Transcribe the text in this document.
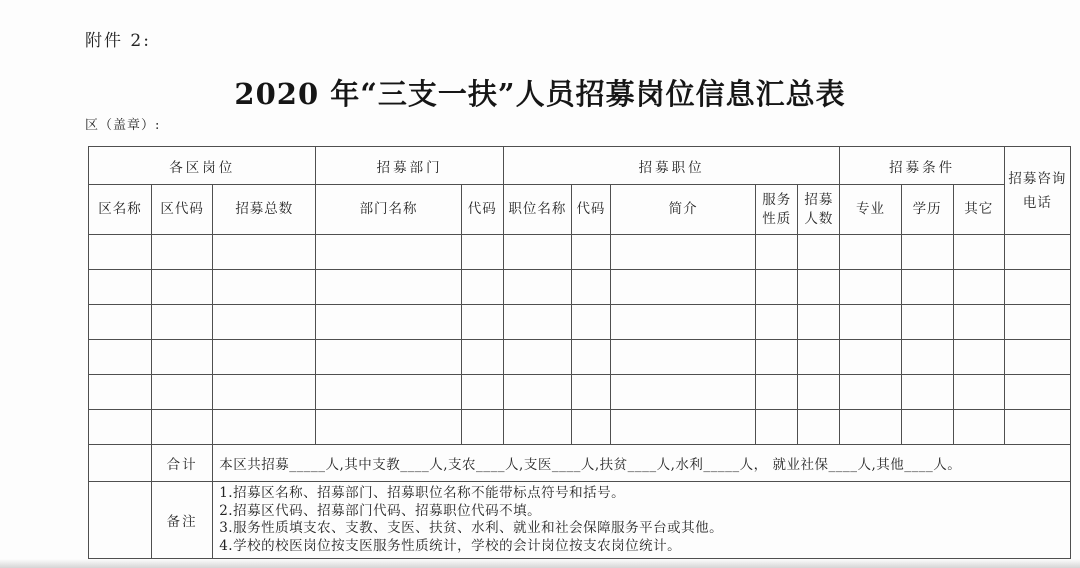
附件 2:
2020 年“三支一扶”人员招募岗位信息汇总表
区（盖章）:
各区岗位			招募部门		招募职位					招募条件			招募咨询
电话

区名称	区代码	招募总数	部门名称	代码	职位名称	代码	简介	服务性质	招募人数	专业	学历	其它	

	合计	本区共招募_____人,其中支教____人,支农____人,支医____人,扶贫____人,水利_____人， 就业社保____人,其他____人。											
	备注	1.招募区名称、招募部门、招募职位名称不能带标点符号和括号。
2.招募区代码、招募部门代码、招募职位代码不填。
3.服务性质填支农、支教、支医、扶贫、水利、就业和社会保障服务平台或其他。
4.学校的校医岗位按支医服务性质统计，学校的会计岗位按支农岗位统计。											
